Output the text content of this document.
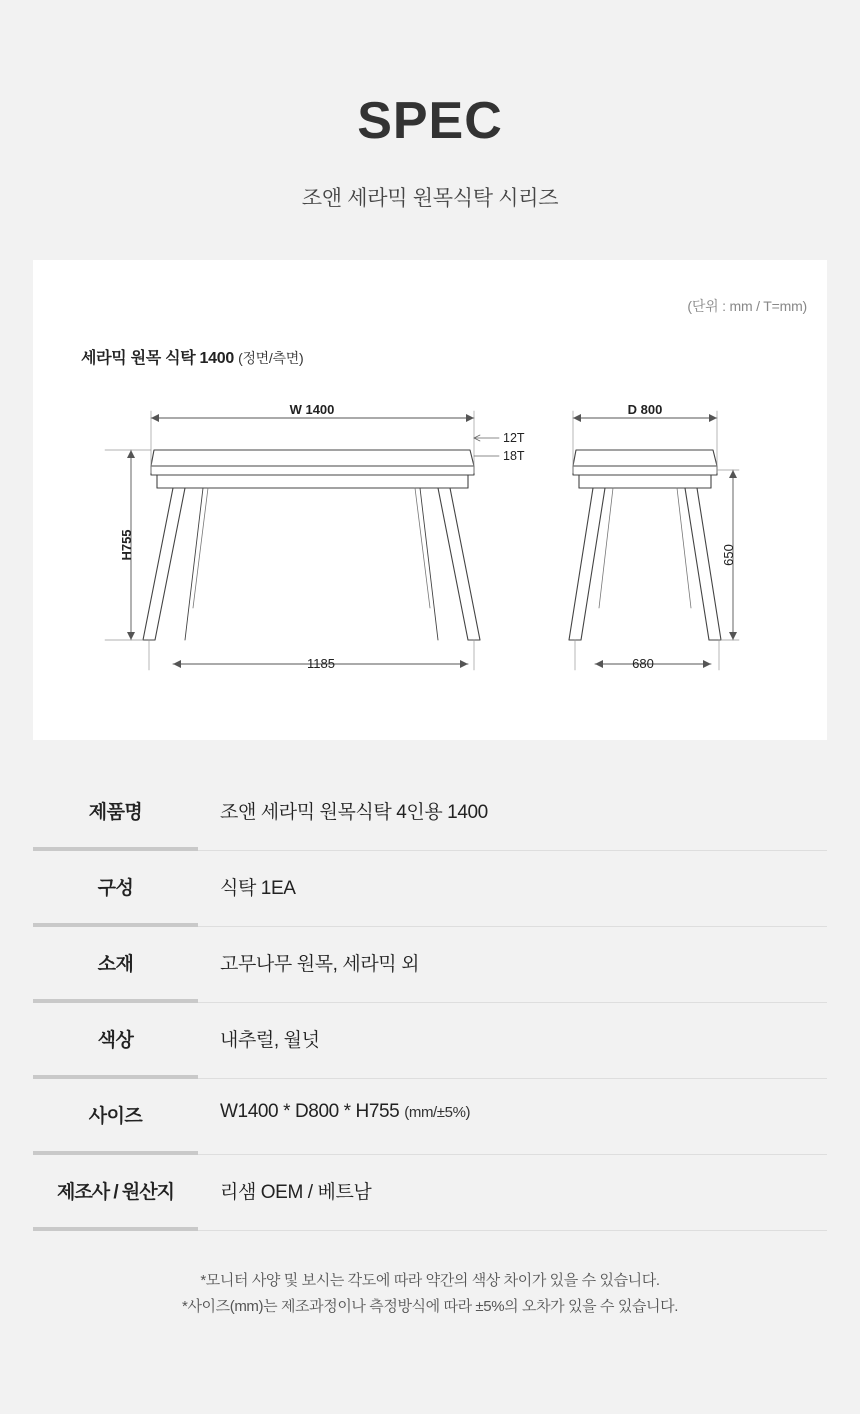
SPEC
조앤 세라믹 원목식탁 시리즈
(단위 : mm / T=mm)
세라믹 원목 식탁 1400 (정면/측면)
W 1400
12T
18T
H755
1185
D 800
650
680
제품명	조앤 세라믹 원목식탁 4인용 1400
구성	식탁 1EA
소재	고무나무 원목, 세라믹 외
색상	내추럴, 월넛
사이즈	W1400 * D800 * H755 (mm/±5%)
제조사 / 원산지	리샘 OEM / 베트남
*모니터 사양 및 보시는 각도에 따라 약간의 색상 차이가 있을 수 있습니다.
*사이즈(mm)는 제조과정이나 측정방식에 따라 ±5%의 오차가 있을 수 있습니다.
